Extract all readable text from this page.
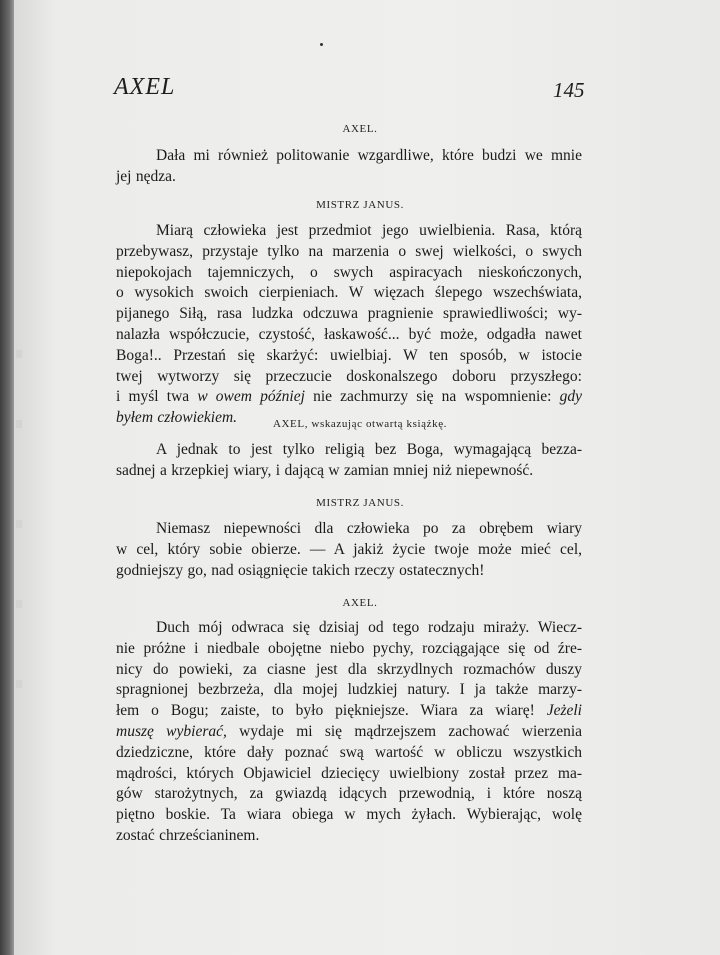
AXEL	145
AXEL.
Dała mi również politowanie wzgardliwe, które budzi we mnie
jej nędza.
MISTRZ JANUS.
Miarą człowieka jest przedmiot jego uwielbienia. Rasa, którą
przebywasz, przystaje tylko na marzenia o swej wielkości, o swych
niepokojach tajemniczych, o swych aspiracyach nieskończonych,
o wysokich swoich cierpieniach. W więzach ślepego wszechświata,
pijanego Siłą, rasa ludzka odczuwa pragnienie sprawiedliwości; wy-
nalazła współczucie, czystość, łaskawość... być może, odgadła nawet
Boga!.. Przestań się skarżyć: uwielbiaj. W ten sposób, w istocie
twej wytworzy się przeczucie doskonalszego doboru przyszłego:
i myśl twa w owem później nie zachmurzy się na wspomnienie: gdy
byłem człowiekiem.	AXEL, wskazując otwartą książkę.
A jednak to jest tylko religią bez Boga, wymagającą bezza-
sadnej a krzepkiej wiary, i dającą w zamian mniej niż niepewność.
MISTRZ JANUS.
Niemasz niepewności dla człowieka po za obrębem wiary
w cel, który sobie obierze. — A jakiż życie twoje może mieć cel,
godniejszy go, nad osiągnięcie takich rzeczy ostatecznych!
AXEL.
Duch mój odwraca się dzisiaj od tego rodzaju miraży. Wiecz-
nie próżne i niedbale obojętne niebo pychy, rozciągające się od źre-
nicy do powieki, za ciasne jest dla skrzydlnych rozmachów duszy
spragnionej bezbrzeża, dla mojej ludzkiej natury. I ja także marzy-
łem o Bogu; zaiste, to było piękniejsze. Wiara za wiarę! Jeżeli
muszę wybierać, wydaje mi się mądrzejszem zachować wierzenia
dziedziczne, które dały poznać swą wartość w obliczu wszystkich
mądrości, których Objawiciel dziecięcy uwielbiony został przez ma-
gów starożytnych, za gwiazdą idących przewodnią, i które noszą
piętno boskie. Ta wiara obiega w mych żyłach. Wybierając, wolę
zostać chrześcianinem.
